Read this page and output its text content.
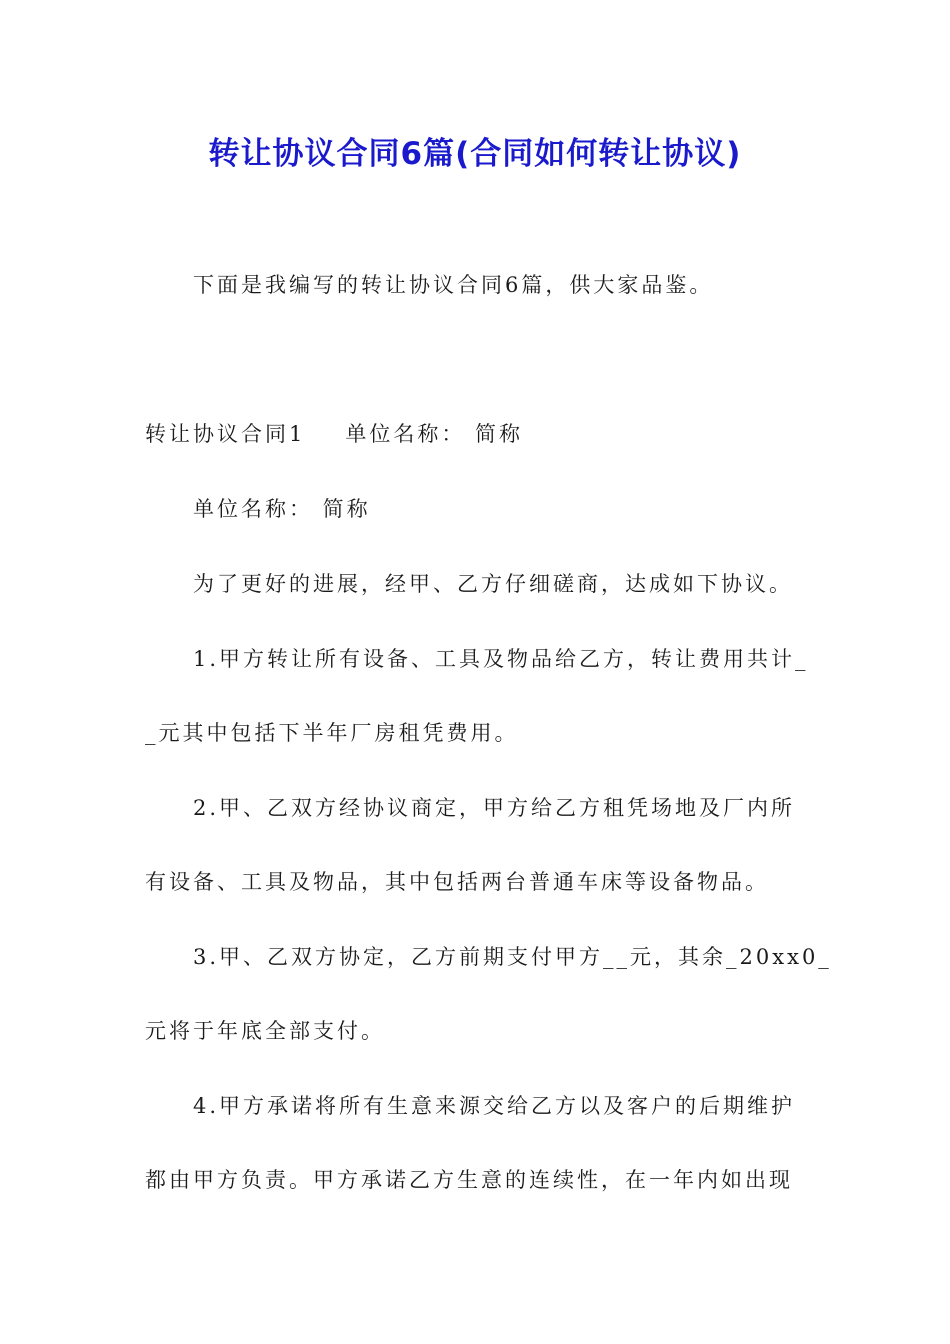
转让协议合同6篇(合同如何转让协议)
下面是我编写的转让协议合同6篇，供大家品鉴。
转让协议合同1 单位名称： 简称
单位名称： 简称
为了更好的进展，经甲、乙方仔细磋商，达成如下协议。
1.甲方转让所有设备、工具及物品给乙方，转让费用共计_
_元其中包括下半年厂房租凭费用。
2.甲、乙双方经协议商定，甲方给乙方租凭场地及厂内所
有设备、工具及物品，其中包括两台普通车床等设备物品。
3.甲、乙双方协定，乙方前期支付甲方__元，其余_20xx0_
元将于年底全部支付。
4.甲方承诺将所有生意来源交给乙方以及客户的后期维护
都由甲方负责。甲方承诺乙方生意的连续性，在一年内如出现
